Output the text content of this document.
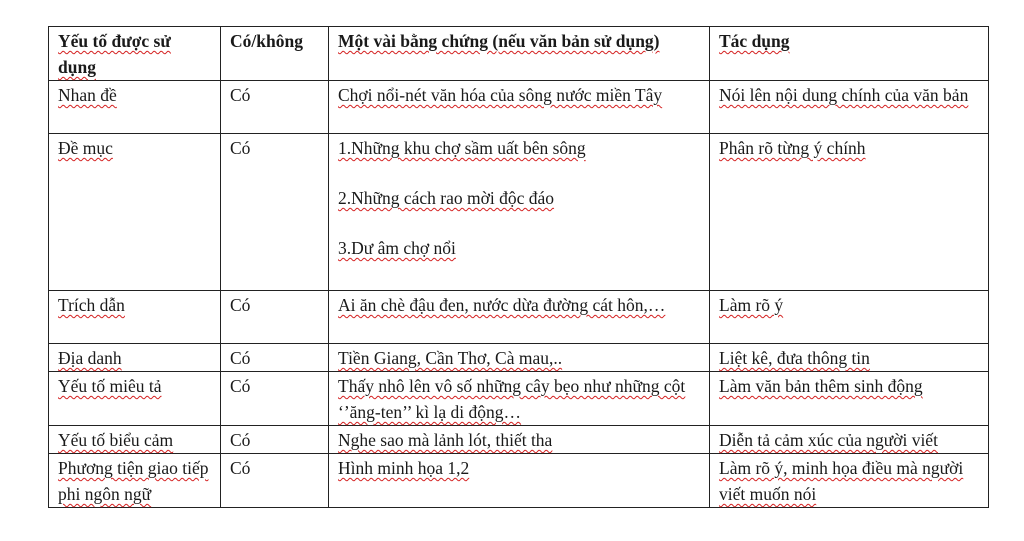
Yếu tố được sử dụng	Có/không	Một vài bằng chứng (nếu văn bản sử dụng)	Tác dụng
Nhan đề	Có	Chợi nổi-nét văn hóa của sông nước miền Tây	Nói lên nội dung chính của văn bản
Đề mục	Có	1.Những khu chợ sầm uất bên sông
2.Những cách rao mời độc đáo
3.Dư âm chợ nổi	Phân rõ từng ý chính
Trích dẫn	Có	Ai ăn chè đậu đen, nước dừa đường cát hôn,…	Làm rõ ý
Địa danh	Có	Tiền Giang, Cần Thơ, Cà mau,..	Liệt kê, đưa thông tin
Yếu tố miêu tả	Có	Thấy nhô lên vô số những cây bẹo như những cột ‘’ăng-ten’’ kì lạ di động…	Làm văn bản thêm sinh động
Yếu tố biểu cảm	Có	Nghe sao mà lảnh lót, thiết tha	Diễn tả cảm xúc của người viết
Phương tiện giao tiếp phi ngôn ngữ	Có	Hình minh họa 1,2	Làm rõ ý, minh họa điều mà người viết muốn nói
